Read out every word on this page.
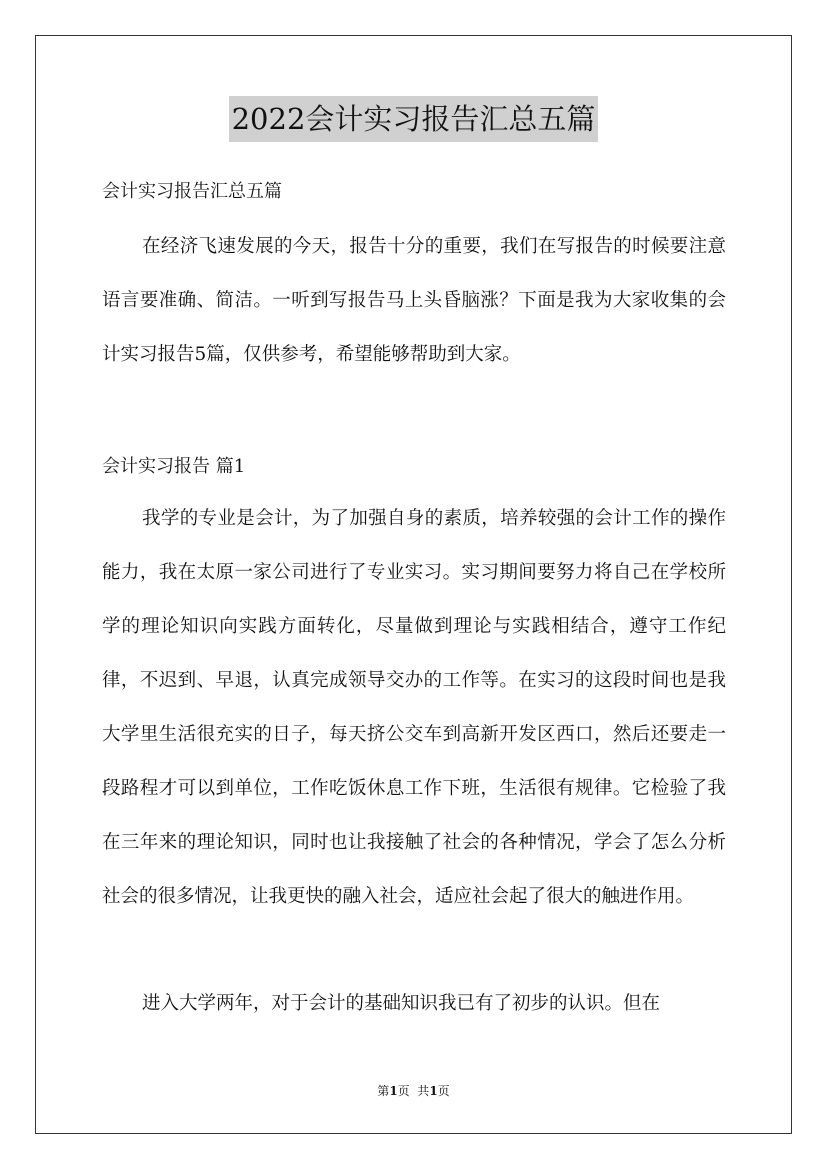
2022会计实习报告汇总五篇
会计实习报告汇总五篇

在经济飞速发展的今天，报告十分的重要，我们在写报告的时候要注意语言要准确、简洁。一听到写报告马上头昏脑涨？下面是我为大家收集的会计实习报告5篇，仅供参考，希望能够帮助到大家。

会计实习报告 篇1

我学的专业是会计，为了加强自身的素质，培养较强的会计工作的操作能力，我在太原一家公司进行了专业实习。实习期间要努力将自己在学校所学的理论知识向实践方面转化，尽量做到理论与实践相结合，遵守工作纪律，不迟到、早退，认真完成领导交办的工作等。在实习的这段时间也是我大学里生活很充实的日子，每天挤公交车到高新开发区西口，然后还要走一段路程才可以到单位，工作吃饭休息工作下班，生活很有规律。它检验了我在三年来的理论知识，同时也让我接触了社会的各种情况，学会了怎么分析社会的很多情况，让我更快的融入社会，适应社会起了很大的触进作用。

进入大学两年，对于会计的基础知识我已有了初步的认识。但在

第1页  共1页
